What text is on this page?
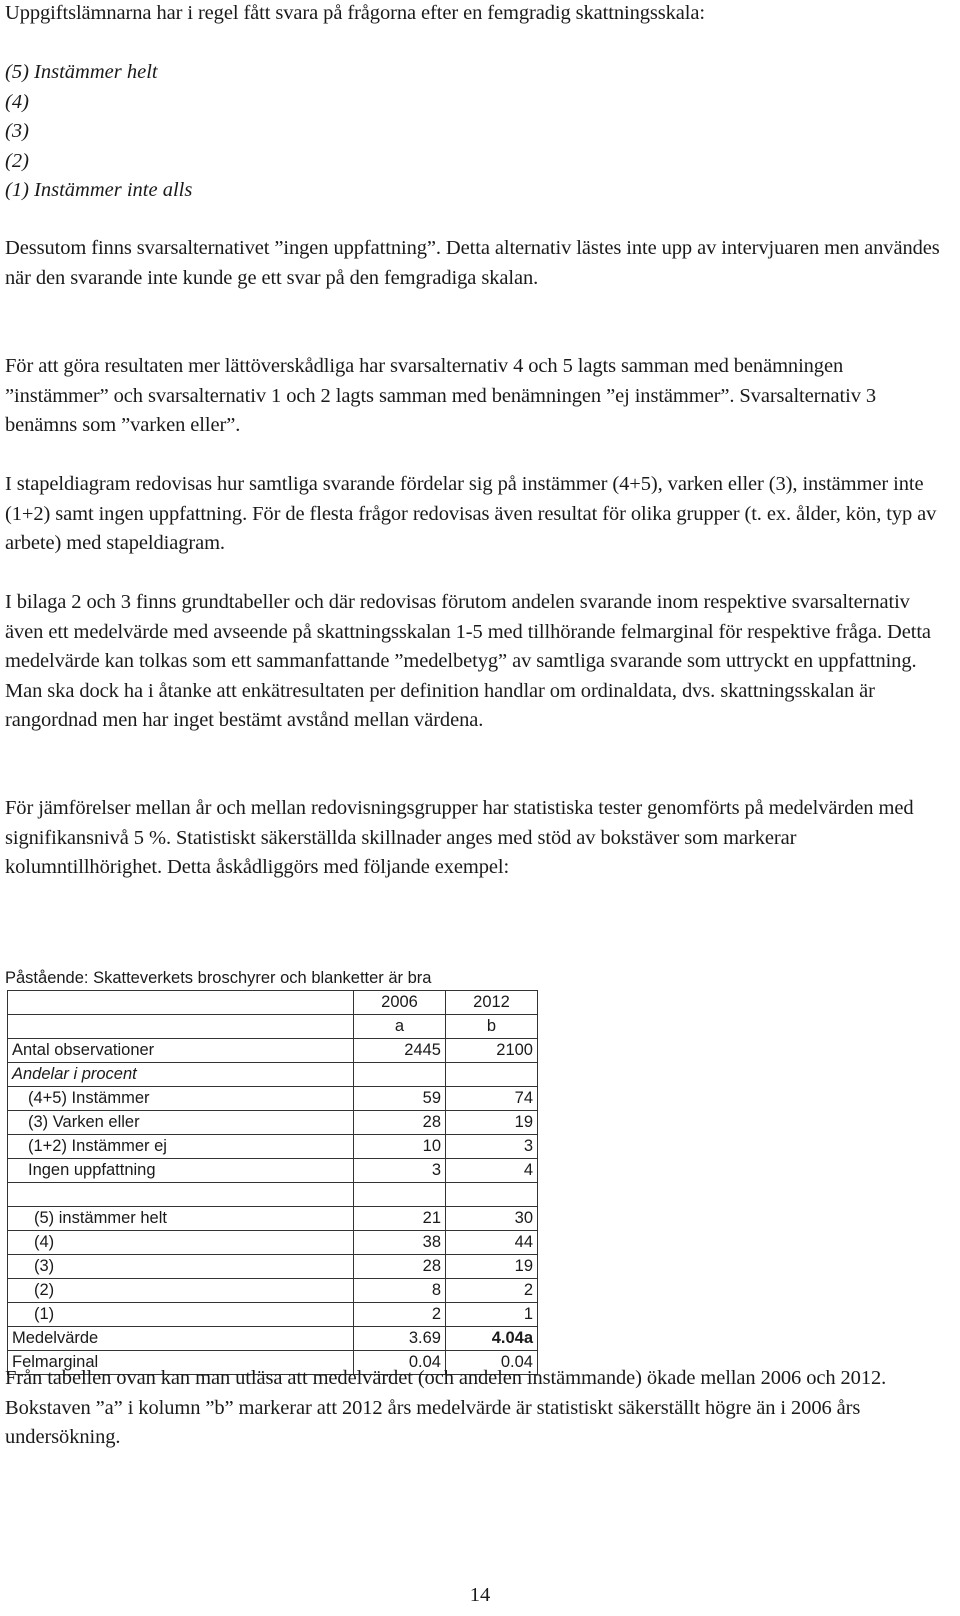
Uppgiftslämnarna har i regel fått svara på frågorna efter en femgradig skattningsskala:

(5) Instämmer helt

(4)

(3)

(2)

(1) Instämmer inte alls

Dessutom finns svarsalternativet ”ingen uppfattning”. Detta alternativ lästes inte upp av intervjuaren men användes när den svarande inte kunde ge ett svar på den femgradiga skalan.

För att göra resultaten mer lättöverskådliga har svarsalternativ 4 och 5 lagts samman med benämningen ”instämmer” och svarsalternativ 1 och 2 lagts samman med benämningen ”ej instämmer”. Svarsalternativ 3 benämns som ”varken eller”.

I stapeldiagram redovisas hur samtliga svarande fördelar sig på instämmer (4+5), varken eller (3), instämmer inte (1+2) samt ingen uppfattning. För de flesta frågor redovisas även resultat för olika grupper (t. ex. ålder, kön, typ av arbete) med stapeldiagram.

I bilaga 2 och 3 finns grundtabeller och där redovisas förutom andelen svarande inom respektive svarsalternativ även ett medelvärde med avseende på skattningsskalan 1-5 med tillhörande felmarginal för respektive fråga. Detta medelvärde kan tolkas som ett sammanfattande ”medelbetyg” av samtliga svarande som uttryckt en uppfattning. Man ska dock ha i åtanke att enkätresultaten per definition handlar om ordinaldata, dvs. skattningsskalan är rangordnad men har inget bestämt avstånd mellan värdena.

För jämförelser mellan år och mellan redovisningsgrupper har statistiska tester genomförts på medelvärden med signifikansnivå 5 %. Statistiskt säkerställda skillnader anges med stöd av bokstäver som markerar kolumntillhörighet. Detta åskådliggörs med följande exempel:

Påstående: Skatteverkets broschyrer och blanketter är bra
	2006	2012
	a	b
Antal observationer	2445	2100
Andelar i procent		
(4+5) Instämmer	59	74
(3) Varken eller	28	19
(1+2) Instämmer ej	10	3
Ingen uppfattning	3	4

(5) instämmer helt	21	30
(4)	38	44
(3)	28	19
(2)	8	2
(1)	2	1
Medelvärde	3.69	4.04a
Felmarginal	0.04	0.04

Från tabellen ovan kan man utläsa att medelvärdet (och andelen instämmande) ökade mellan 2006 och 2012. Bokstaven ”a” i kolumn ”b” markerar att 2012 års medelvärde är statistiskt säkerställt högre än i 2006 års undersökning.

14
